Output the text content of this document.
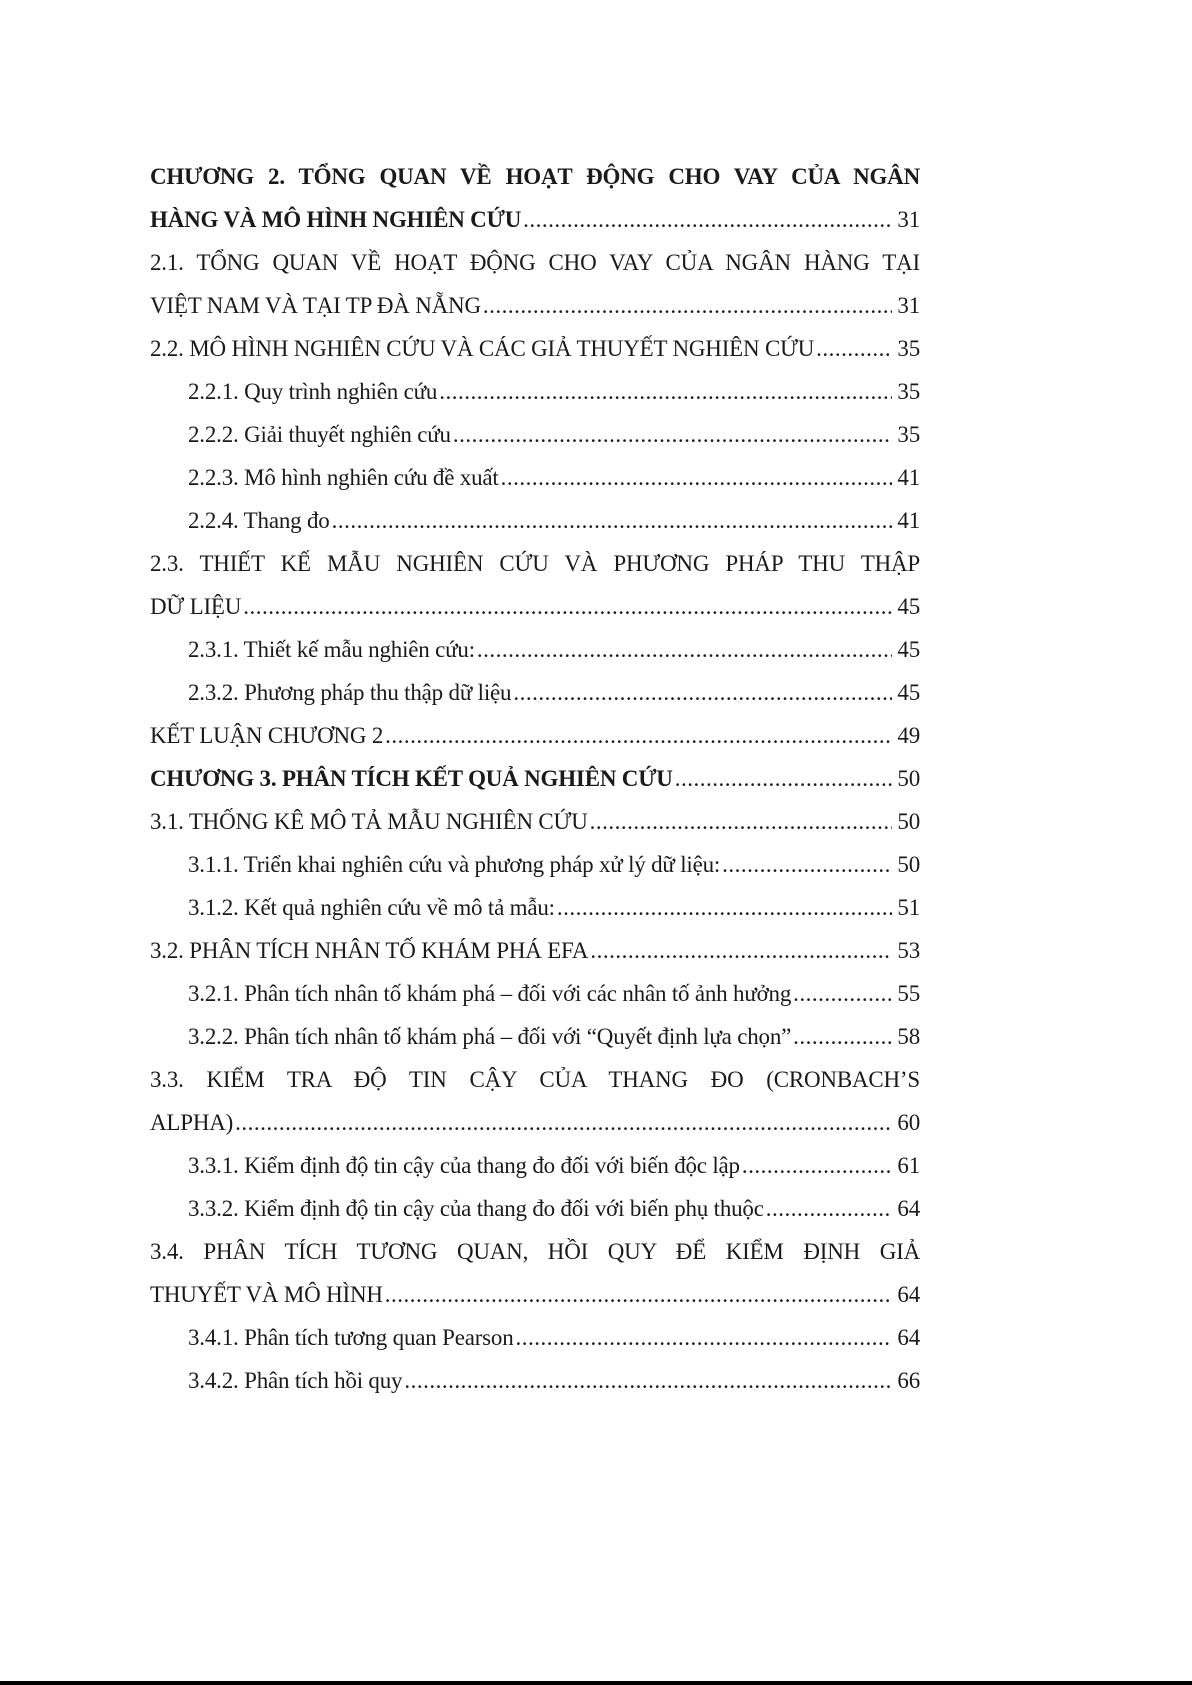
CHƯƠNG 2. TỔNG QUAN VỀ HOẠT ĐỘNG CHO VAY CỦA NGÂN
HÀNG VÀ MÔ HÌNH NGHIÊN CỨU .....	31
2.1. TỔNG QUAN VỀ HOẠT ĐỘNG CHO VAY CỦA NGÂN HÀNG TẠI
VIỆT NAM VÀ TẠI TP ĐÀ NẴNG .....	31
2.2. MÔ HÌNH NGHIÊN CỨU VÀ CÁC GIẢ THUYẾT NGHIÊN CỨU .....	35
2.2.1. Quy trình nghiên cứu .....	35
2.2.2. Giải thuyết nghiên cứu .....	35
2.2.3. Mô hình nghiên cứu đề xuất .....	41
2.2.4. Thang đo .....	41
2.3. THIẾT KẾ MẪU NGHIÊN CỨU VÀ PHƯƠNG PHÁP THU THẬP
DỮ LIỆU .....	45
2.3.1. Thiết kế mẫu nghiên cứu: .....	45
2.3.2. Phương pháp thu thập dữ liệu .....	45
KẾT LUẬN CHƯƠNG 2 .....	49
CHƯƠNG 3. PHÂN TÍCH KẾT QUẢ NGHIÊN CỨU .....	50
3.1. THỐNG KÊ MÔ TẢ MẪU NGHIÊN CỨU .....	50
3.1.1. Triển khai nghiên cứu và phương pháp xử lý dữ liệu: .....	50
3.1.2. Kết quả nghiên cứu về mô tả mẫu: .....	51
3.2. PHÂN TÍCH NHÂN TỐ KHÁM PHÁ EFA .....	53
3.2.1. Phân tích nhân tố khám phá – đối với các nhân tố ảnh hưởng .....	55
3.2.2. Phân tích nhân tố khám phá – đối với “Quyết định lựa chọn” .....	58
3.3. KIỂM TRA ĐỘ TIN CẬY CỦA THANG ĐO (CRONBACH’S
ALPHA) .....	60
3.3.1. Kiểm định độ tin cậy của thang đo đối với biến độc lập .....	61
3.3.2. Kiểm định độ tin cậy của thang đo đối với biến phụ thuộc .....	64
3.4. PHÂN TÍCH TƯƠNG QUAN, HỒI QUY ĐỂ KIỂM ĐỊNH GIẢ
THUYẾT VÀ MÔ HÌNH .....	64
3.4.1. Phân tích tương quan Pearson .....	64
3.4.2. Phân tích hồi quy .....	66
